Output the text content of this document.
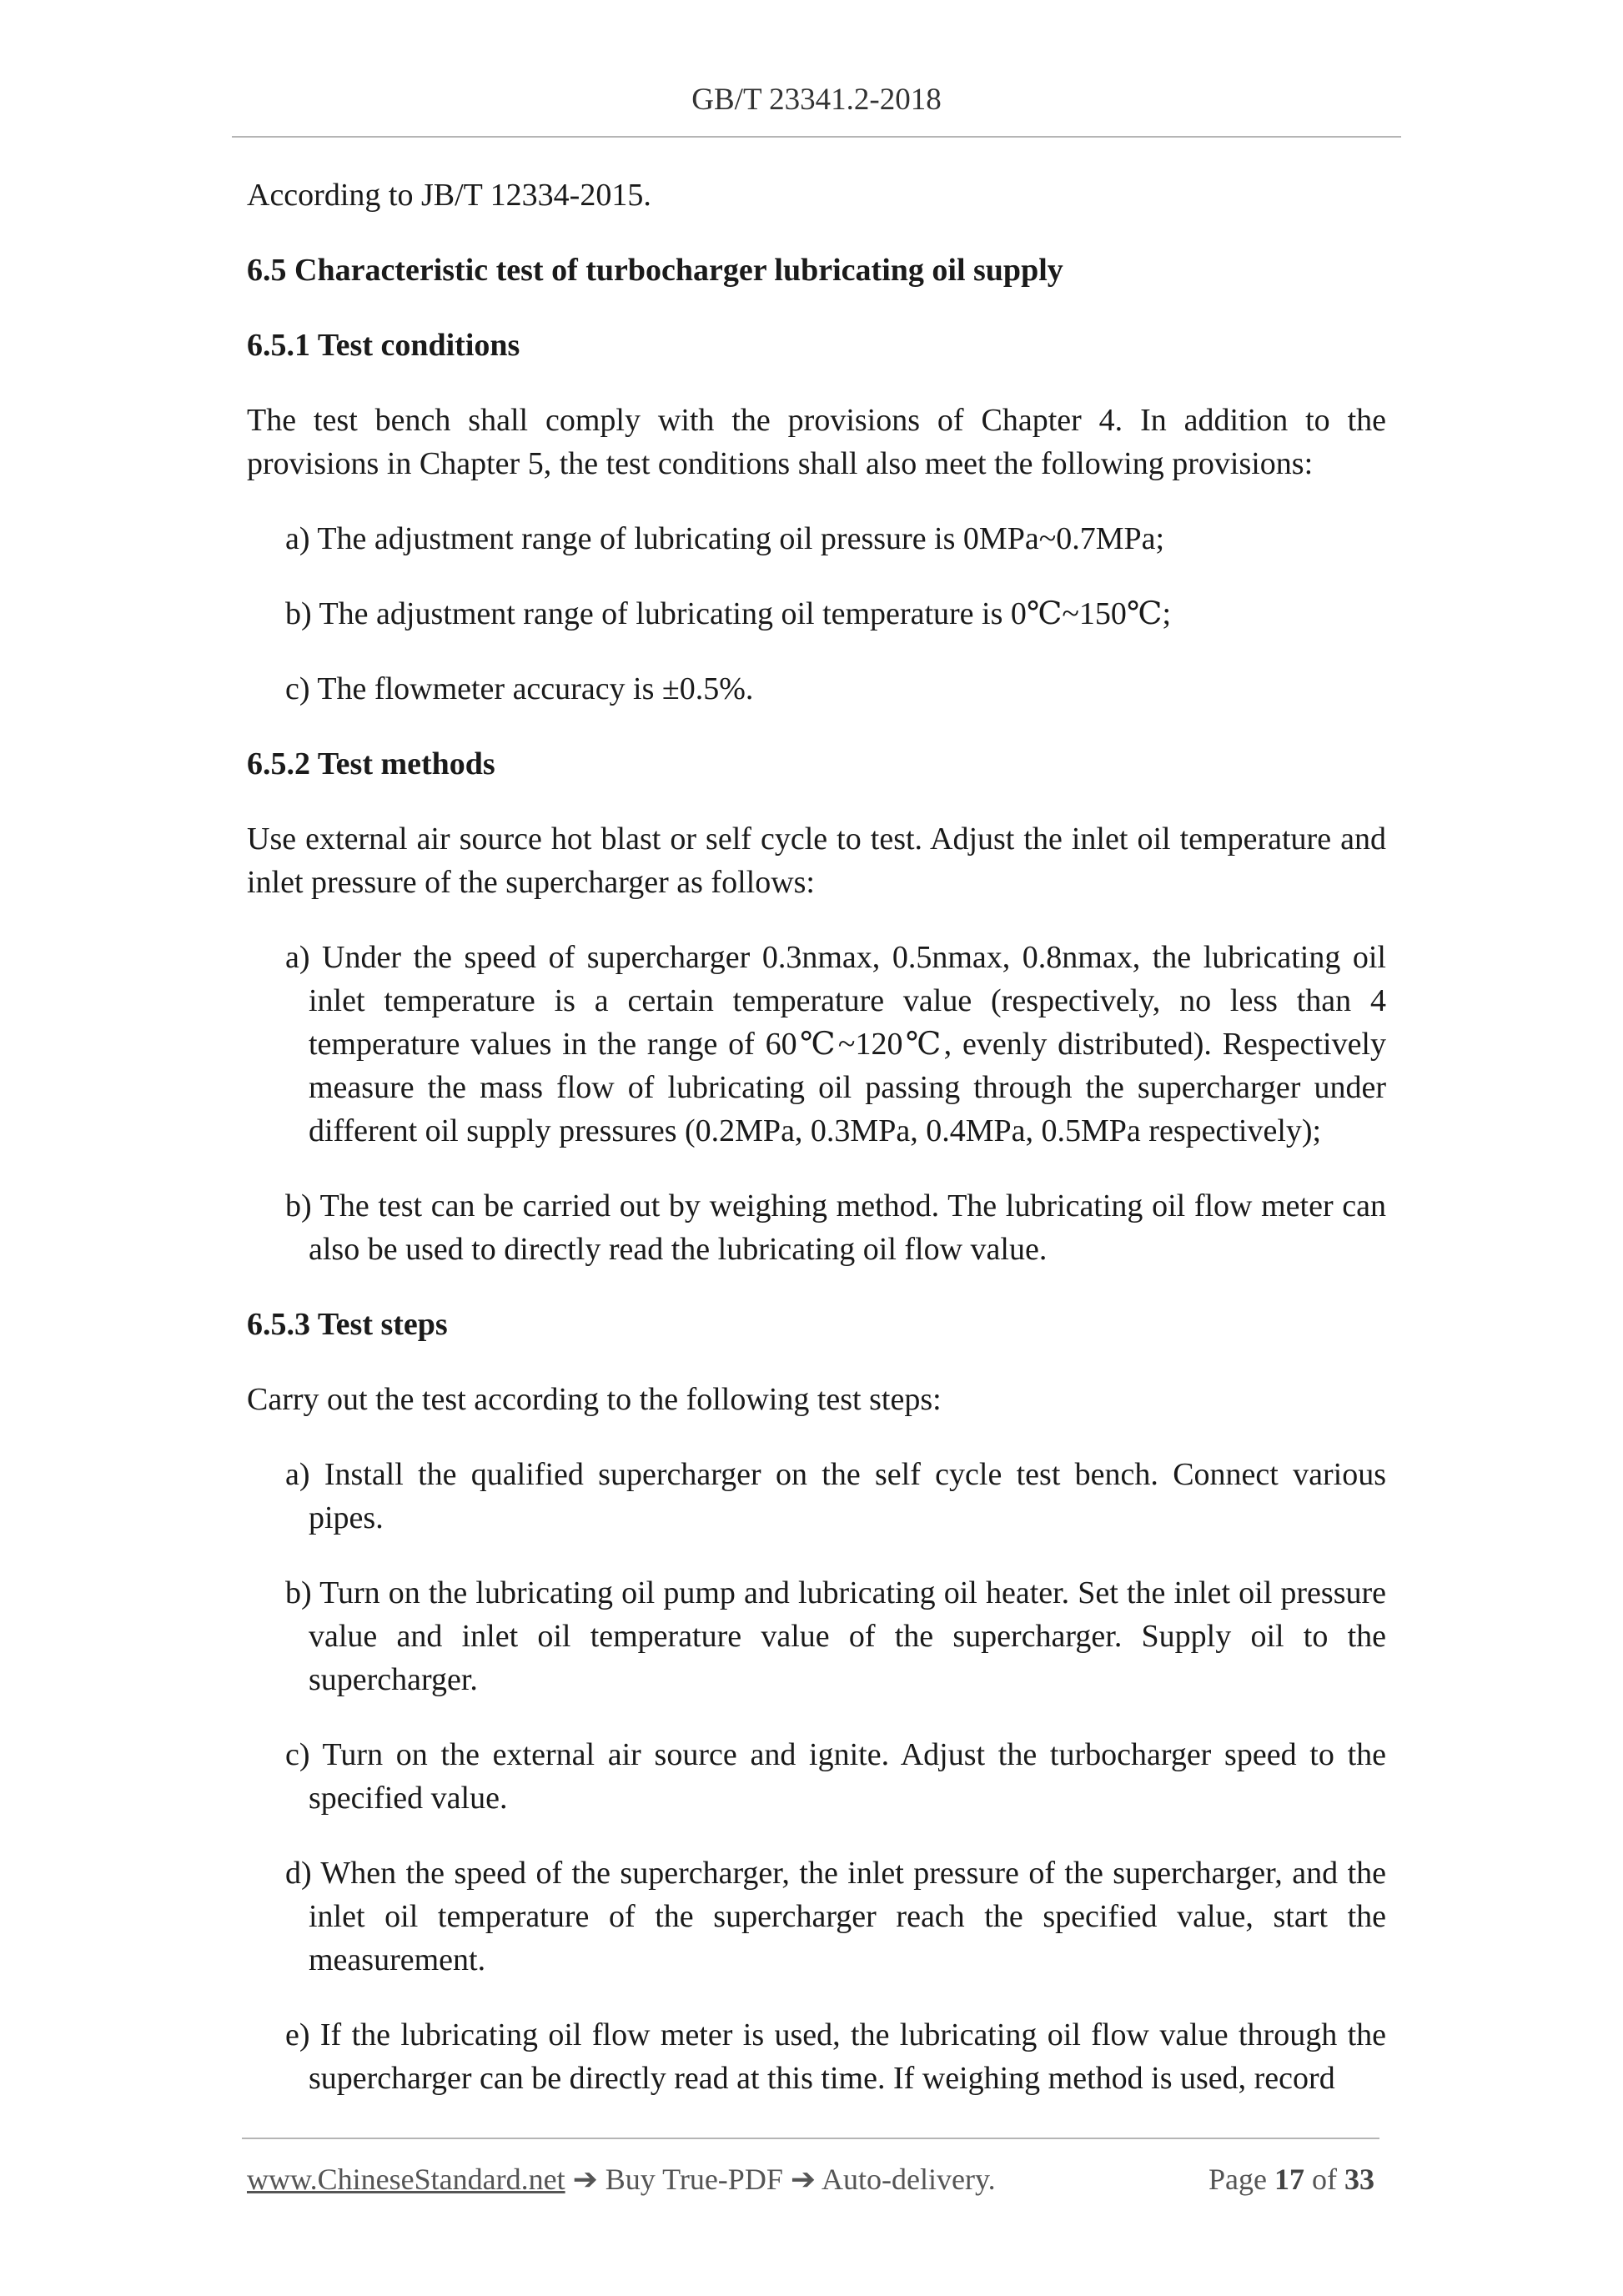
GB/T 23341.2-2018

According to JB/T 12334-2015.

6.5 Characteristic test of turbocharger lubricating oil supply

6.5.1 Test conditions

The test bench shall comply with the provisions of Chapter 4. In addition to the provisions in Chapter 5, the test conditions shall also meet the following provisions:

a) The adjustment range of lubricating oil pressure is 0MPa~0.7MPa;

b) The adjustment range of lubricating oil temperature is 0℃~150℃;

c) The flowmeter accuracy is ±0.5%.

6.5.2 Test methods

Use external air source hot blast or self cycle to test. Adjust the inlet oil temperature and inlet pressure of the supercharger as follows:

a) Under the speed of supercharger 0.3nmax, 0.5nmax, 0.8nmax, the lubricating oil inlet temperature is a certain temperature value (respectively, no less than 4 temperature values in the range of 60℃~120℃, evenly distributed). Respectively measure the mass flow of lubricating oil passing through the supercharger under different oil supply pressures (0.2MPa, 0.3MPa, 0.4MPa, 0.5MPa respectively);

b) The test can be carried out by weighing method. The lubricating oil flow meter can also be used to directly read the lubricating oil flow value.

6.5.3 Test steps

Carry out the test according to the following test steps:

a) Install the qualified supercharger on the self cycle test bench. Connect various pipes.

b) Turn on the lubricating oil pump and lubricating oil heater. Set the inlet oil pressure value and inlet oil temperature value of the supercharger. Supply oil to the supercharger.

c) Turn on the external air source and ignite. Adjust the turbocharger speed to the specified value.

d) When the speed of the supercharger, the inlet pressure of the supercharger, and the inlet oil temperature of the supercharger reach the specified value, start the measurement.

e) If the lubricating oil flow meter is used, the lubricating oil flow value through the supercharger can be directly read at this time. If weighing method is used, record

www.ChineseStandard.net ➔ Buy True-PDF ➔ Auto-delivery.	Page 17 of 33
